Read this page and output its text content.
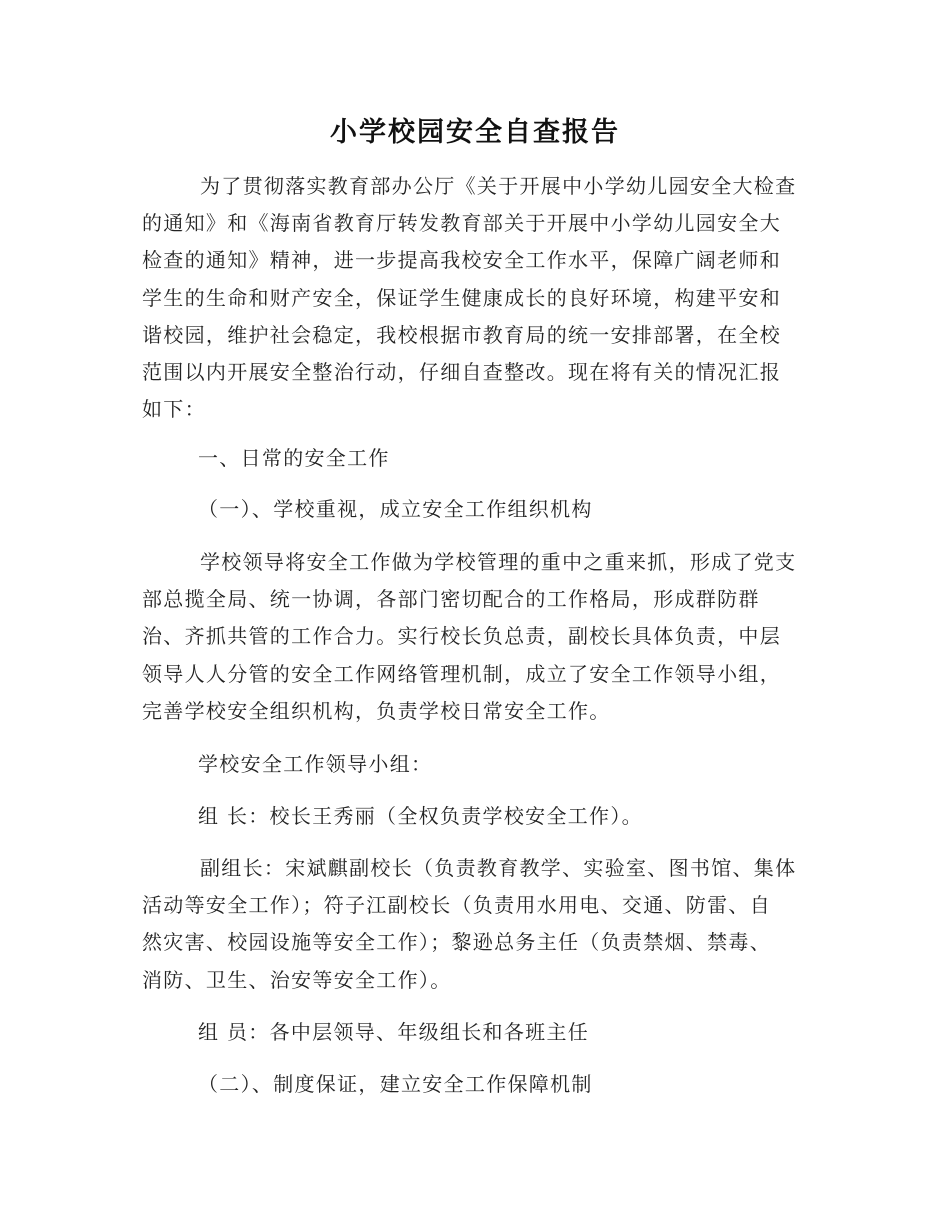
小学校园安全自查报告

为了贯彻落实教育部办公厅《关于开展中小学幼儿园安全大检查
的通知》和《海南省教育厅转发教育部关于开展中小学幼儿园安全大
检查的通知》精神，进一步提高我校安全工作水平，保障广阔老师和
学生的生命和财产安全，保证学生健康成长的良好环境，构建平安和
谐校园，维护社会稳定，我校根据市教育局的统一安排部署，在全校
范围以内开展安全整治行动，仔细自查整改。现在将有关的情况汇报
如下：

一、日常的安全工作

（一）、学校重视，成立安全工作组织机构

学校领导将安全工作做为学校管理的重中之重来抓，形成了党支
部总揽全局、统一协调，各部门密切配合的工作格局，形成群防群
治、齐抓共管的工作合力。实行校长负总责，副校长具体负责，中层
领导人人分管的安全工作网络管理机制，成立了安全工作领导小组，
完善学校安全组织机构，负责学校日常安全工作。

学校安全工作领导小组：

组 长：校长王秀丽（全权负责学校安全工作）。

副组长：宋斌麒副校长（负责教育教学、实验室、图书馆、集体
活动等安全工作）；符子江副校长（负责用水用电、交通、防雷、自
然灾害、校园设施等安全工作）；黎逊总务主任（负责禁烟、禁毒、
消防、卫生、治安等安全工作）。

组 员：各中层领导、年级组长和各班主任

（二）、制度保证，建立安全工作保障机制
